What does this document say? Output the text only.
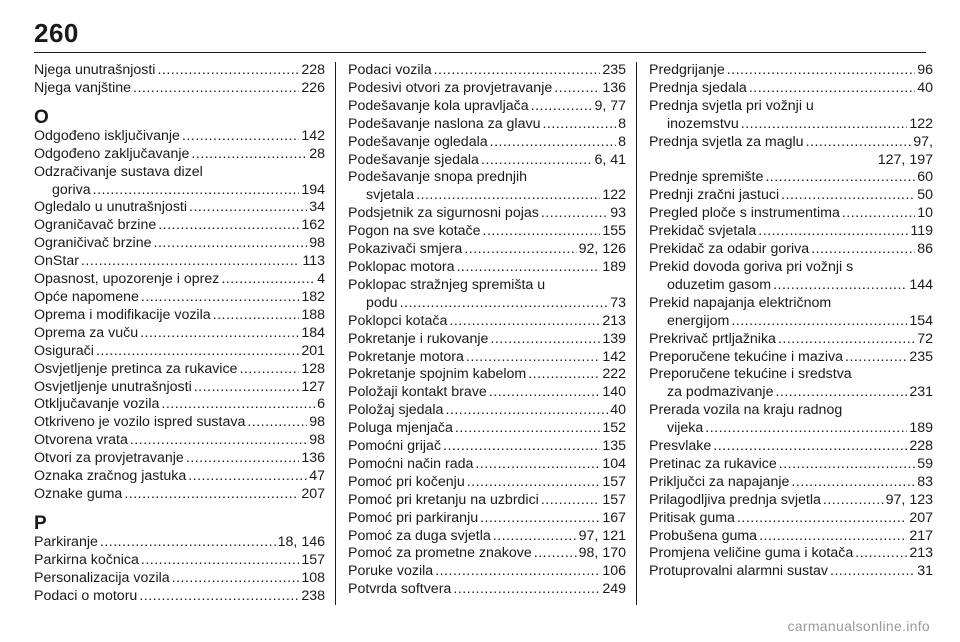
260
Njega unutrašnjosti .....	228
Njega vanjštine .....	226
O
Odgođeno isključivanje .....	142
Odgođeno zaključavanje .....	28
Odzračivanje sustava dizel
goriva .....	194
Ogledalo u unutrašnjosti .....	34
Ograničavač brzine .....	162
Ograničivač brzine .....	98
OnStar .....	113
Opasnost, upozorenje i oprez .....	4
Opće napomene .....	182
Oprema i modifikacije vozila .....	188
Oprema za vuču .....	184
Osigurači .....	201
Osvjetljenje pretinca za rukavice .....	128
Osvjetljenje unutrašnjosti .....	127
Otključavanje vozila .....	6
Otkriveno je vozilo ispred sustava .....	98
Otvorena vrata .....	98
Otvori za provjetravanje .....	136
Oznaka zračnog jastuka .....	47
Oznake guma .....	207
P
Parkiranje .....	18, 146
Parkirna kočnica .....	157
Personalizacija vozila .....	108
Podaci o motoru .....	238
Podaci vozila .....	235
Podesivi otvori za provjetravanje .....	136
Podešavanje kola upravljača .....	9, 77
Podešavanje naslona za glavu .....	8
Podešavanje ogledala .....	8
Podešavanje sjedala .....	6, 41
Podešavanje snopa prednjih
svjetala .....	122
Podsjetnik za sigurnosni pojas .....	93
Pogon na sve kotače .....	155
Pokazivači smjera .....	92, 126
Poklopac motora .....	189
Poklopac stražnjeg spremišta u
podu .....	73
Poklopci kotača .....	213
Pokretanje i rukovanje .....	139
Pokretanje motora .....	142
Pokretanje spojnim kabelom .....	222
Položaji kontakt brave .....	140
Položaj sjedala .....	40
Poluga mjenjača .....	152
Pomoćni grijač .....	135
Pomoćni način rada .....	104
Pomoć pri kočenju .....	157
Pomoć pri kretanju na uzbrdici .....	157
Pomoć pri parkiranju .....	167
Pomoć za duga svjetla .....	97, 121
Pomoć za prometne znakove .....	98, 170
Poruke vozila .....	106
Potvrda softvera .....	249
Predgrijanje .....	96
Prednja sjedala .....	40
Prednja svjetla pri vožnji u
inozemstvu .....	122
Prednja svjetla za maglu .....	97,
127, 197
Prednje spremište .....	60
Prednji zračni jastuci .....	50
Pregled ploče s instrumentima .....	10
Prekidač svjetala .....	119
Prekidač za odabir goriva .....	86
Prekid dovoda goriva pri vožnji s
oduzetim gasom .....	144
Prekid napajanja električnom
energijom .....	154
Prekrivač prtljažnika .....	72
Preporučene tekućine i maziva .....	235
Preporučene tekućine i sredstva
za podmazivanje .....	231
Prerada vozila na kraju radnog
vijeka .....	189
Presvlake .....	228
Pretinac za rukavice .....	59
Priključci za napajanje .....	83
Prilagodljiva prednja svjetla .....	97, 123
Pritisak guma .....	207
Probušena guma .....	217
Promjena veličine guma i kotača .....	213
Protuprovalni alarmni sustav .....	31
carmanualsonline.info
